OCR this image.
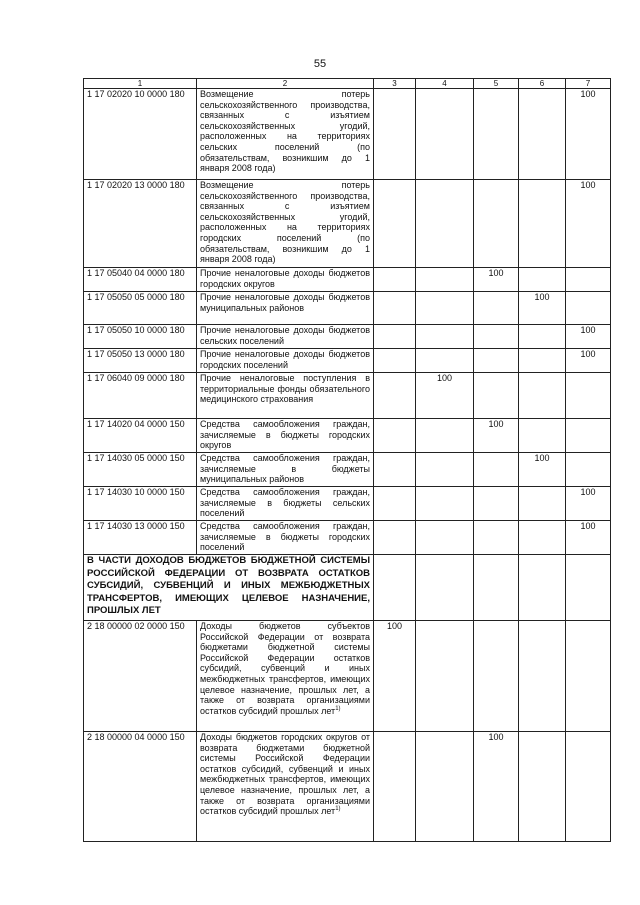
55
1	2	3	4	5	6	7
1 17 02020 10 0000 180	Возмещение потерь сельскохозяйственного производства, связанных с изъятием сельскохозяйственных угодий, расположенных на территориях сельских поселений (по обязательствам, возникшим до 1 января 2008 года)					100
1 17 02020 13 0000 180	Возмещение потерь сельскохозяйственного производства, связанных с изъятием сельскохозяйственных угодий, расположенных на территориях городских поселений (по обязательствам, возникшим до 1 января 2008 года)					100
1 17 05040 04 0000 180	Прочие неналоговые доходы бюджетов городских округов			100		
1 17 05050 05 0000 180	Прочие неналоговые доходы бюджетов муниципальных районов				100	
1 17 05050 10 0000 180	Прочие неналоговые доходы бюджетов сельских поселений					100
1 17 05050 13 0000 180	Прочие неналоговые доходы бюджетов городских поселений					100
1 17 06040 09 0000 180	Прочие неналоговые поступления в территориальные фонды обязательного медицинского страхования		100			
1 17 14020 04 0000 150	Средства самообложения граждан, зачисляемые в бюджеты городских округов			100		
1 17 14030 05 0000 150	Средства самообложения граждан, зачисляемые в бюджеты муниципальных районов				100	
1 17 14030 10 0000 150	Средства самообложения граждан, зачисляемые в бюджеты сельских поселений					100
1 17 14030 13 0000 150	Средства самообложения граждан, зачисляемые в бюджеты городских поселений					100
В ЧАСТИ ДОХОДОВ БЮДЖЕТОВ БЮДЖЕТНОЙ СИСТЕМЫ РОССИЙСКОЙ ФЕДЕРАЦИИ ОТ ВОЗВРАТА ОСТАТКОВ СУБСИДИЙ, СУБВЕНЦИЙ И ИНЫХ МЕЖБЮДЖЕТНЫХ ТРАНСФЕРТОВ, ИМЕЮЩИХ ЦЕЛЕВОЕ НАЗНАЧЕНИЕ, ПРОШЛЫХ ЛЕТ						
2 18 00000 02 0000 150	Доходы бюджетов субъектов Российской Федерации от возврата бюджетами бюджетной системы Российской Федерации остатков субсидий, субвенций и иных межбюджетных трансфертов, имеющих целевое назначение, прошлых лет, а также от возврата организациями остатков субсидий прошлых лет$^{1)}$	100				
2 18 00000 04 0000 150	Доходы бюджетов городских округов от возврата бюджетами бюджетной системы Российской Федерации остатков субсидий, субвенций и иных межбюджетных трансфертов, имеющих целевое назначение, прошлых лет, а также от возврата организациями остатков субсидий прошлых лет$^{1)}$			100		
